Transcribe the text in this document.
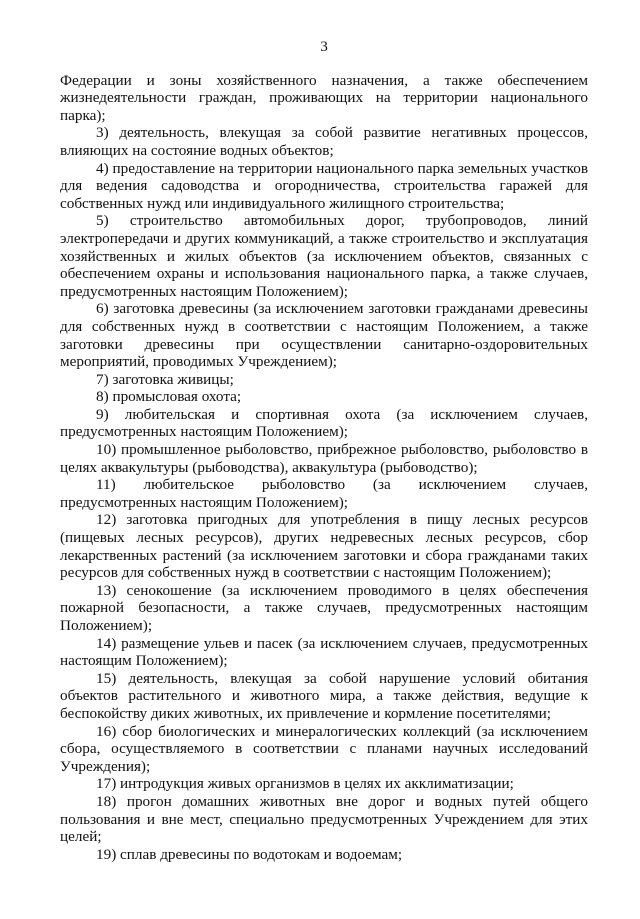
3

Федерации и зоны хозяйственного назначения, а также обеспечением жизнедеятельности граждан, проживающих на территории национального парка);

3) деятельность, влекущая за собой развитие негативных процессов, влияющих на состояние водных объектов;

4) предоставление на территории национального парка земельных участков для ведения садоводства и огородничества, строительства гаражей для собственных нужд или индивидуального жилищного строительства;

5) строительство автомобильных дорог, трубопроводов, линий электропередачи и других коммуникаций, а также строительство и эксплуатация хозяйственных и жилых объектов (за исключением объектов, связанных с обеспечением охраны и использования национального парка, а также случаев, предусмотренных настоящим Положением);

6) заготовка древесины (за исключением заготовки гражданами древесины для собственных нужд в соответствии с настоящим Положением, а также заготовки древесины при осуществлении санитарно-оздоровительных мероприятий, проводимых Учреждением);

7) заготовка живицы;

8) промысловая охота;

9) любительская и спортивная охота (за исключением случаев, предусмотренных настоящим Положением);

10) промышленное рыболовство, прибрежное рыболовство, рыболовство в целях аквакультуры (рыбоводства), аквакультура (рыбоводство);

11) любительское рыболовство (за исключением случаев, предусмотренных настоящим Положением);

12) заготовка пригодных для употребления в пищу лесных ресурсов (пищевых лесных ресурсов), других недревесных лесных ресурсов, сбор лекарственных растений (за исключением заготовки и сбора гражданами таких ресурсов для собственных нужд в соответствии с настоящим Положением);

13) сенокошение (за исключением проводимого в целях обеспечения пожарной безопасности, а также случаев, предусмотренных настоящим Положением);

14) размещение ульев и пасек (за исключением случаев, предусмотренных настоящим Положением);

15) деятельность, влекущая за собой нарушение условий обитания объектов растительного и животного мира, а также действия, ведущие к беспокойству диких животных, их привлечение и кормление посетителями;

16) сбор биологических и минералогических коллекций (за исключением сбора, осуществляемого в соответствии с планами научных исследований Учреждения);

17) интродукция живых организмов в целях их акклиматизации;

18) прогон домашних животных вне дорог и водных путей общего пользования и вне мест, специально предусмотренных Учреждением для этих целей;

19) сплав древесины по водотокам и водоемам;
